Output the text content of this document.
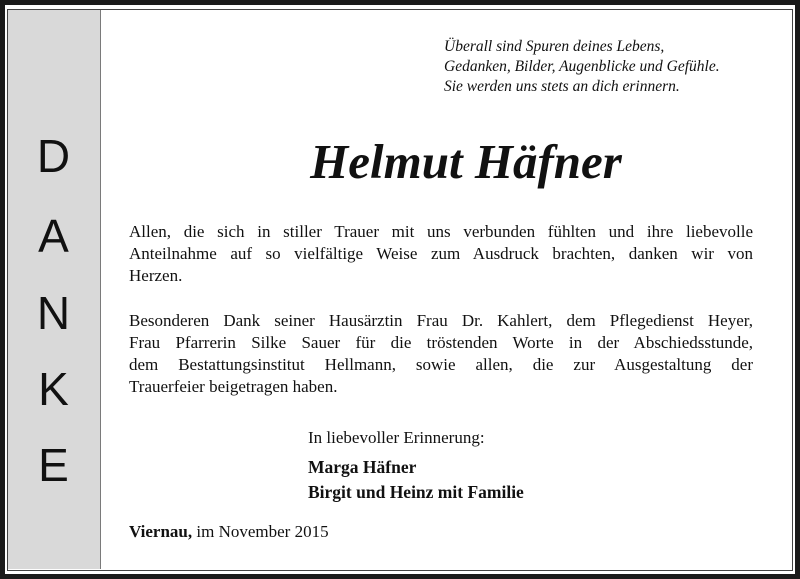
D
A
N
K
E
Überall sind Spuren deines Lebens,
Gedanken, Bilder, Augenblicke und Gefühle.
Sie werden uns stets an dich erinnern.
Helmut Häfner
Allen, die sich in stiller Trauer mit uns verbunden fühlten und ihre liebevolle
Anteilnahme auf so vielfältige Weise zum Ausdruck brachten, danken wir von
Herzen.
Besonderen Dank seiner Hausärztin Frau Dr. Kahlert, dem Pflegedienst Heyer,
Frau Pfarrerin Silke Sauer für die tröstenden Worte in der Abschiedsstunde,
dem Bestattungsinstitut Hellmann, sowie allen, die zur Ausgestaltung der
Trauerfeier beigetragen haben.
In liebevoller Erinnerung:
Marga Häfner
Birgit und Heinz mit Familie
Viernau, im November 2015
